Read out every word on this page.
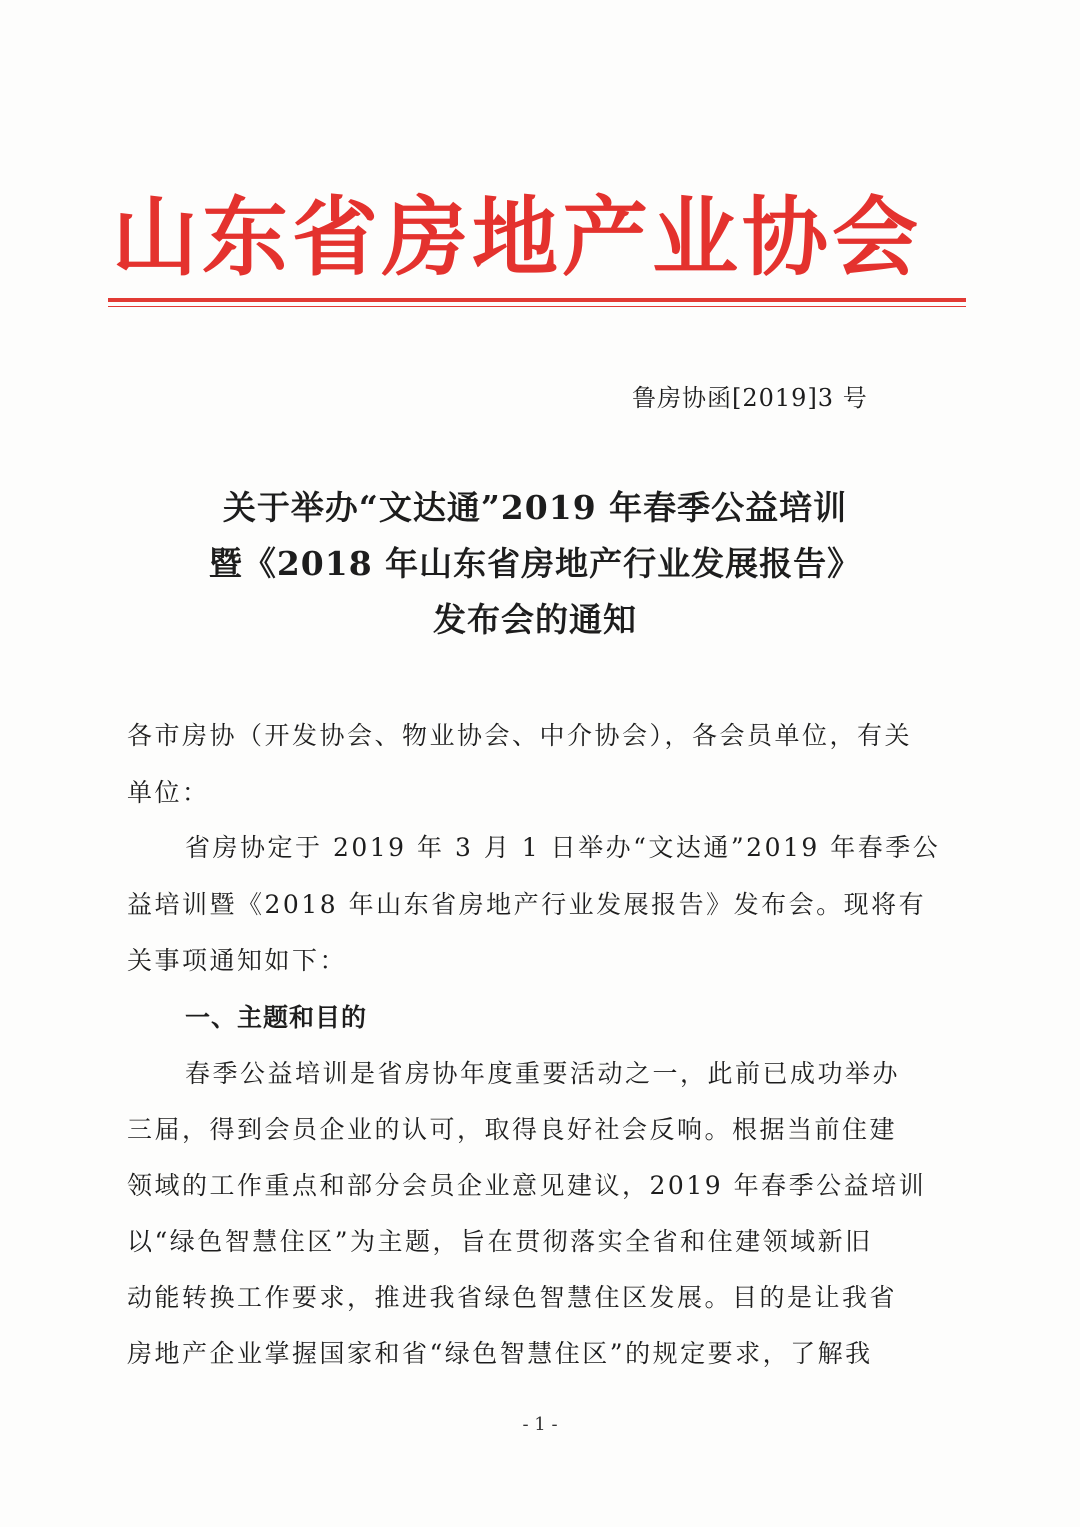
山东省房地产业协会
鲁房协函[2019]3 号
关于举办“文达通”2019 年春季公益培训
暨《2018 年山东省房地产行业发展报告》
发布会的通知
各市房协（开发协会、物业协会、中介协会），各会员单位，有关
单位：
省房协定于 2019 年 3 月 1 日举办“文达通”2019 年春季公
益培训暨《2018 年山东省房地产行业发展报告》发布会。现将有
关事项通知如下：
一、主题和目的
春季公益培训是省房协年度重要活动之一，此前已成功举办
三届，得到会员企业的认可，取得良好社会反响。根据当前住建
领域的工作重点和部分会员企业意见建议，2019 年春季公益培训
以“绿色智慧住区”为主题，旨在贯彻落实全省和住建领域新旧
动能转换工作要求，推进我省绿色智慧住区发展。目的是让我省
房地产企业掌握国家和省“绿色智慧住区”的规定要求，了解我
- 1 -
